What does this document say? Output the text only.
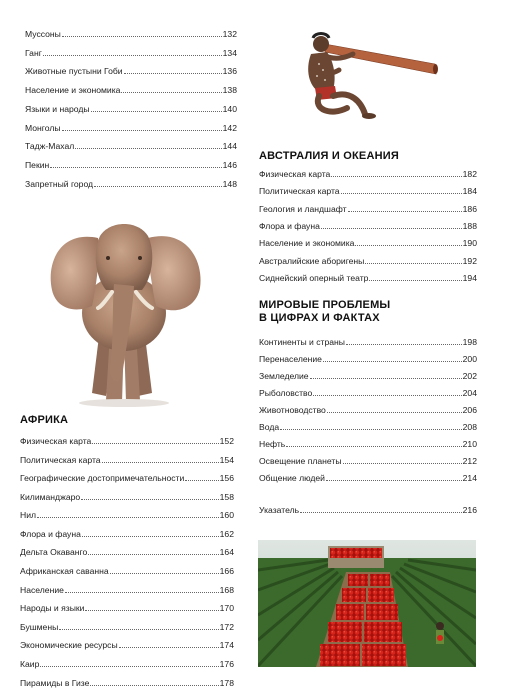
Муссоны	132
Ганг	134
Животные пустыни Гоби	136
Население и экономика	138
Языки и народы	140
Монголы	142
Тадж-Махал	144
Пекин	146
Запретный город	148
АФРИКА
Физическая карта	152
Политическая карта	154
Географические достопримечательности	156
Килиманджаро	158
Нил	160
Флора и фауна	162
Дельта Окаванго	164
Африканская саванна	166
Население	168
Народы и языки	170
Бушмены	172
Экономические ресурсы	174
Каир	176
Пирамиды в Гизе	178
АВСТРАЛИЯ И ОКЕАНИЯ
Физическая карта	182
Политическая карта	184
Геология и ландшафт	186
Флора и фауна	188
Население и экономика	190
Австралийские аборигены	192
Сиднейский оперный театр	194
МИРОВЫЕ ПРОБЛЕМЫ
В ЦИФРАХ И ФАКТАХ
Континенты и страны	198
Перенаселение	200
Земледелие	202
Рыболовство	204
Животноводство	206
Вода	208
Нефть	210
Освещение планеты	212
Общение людей	214
Указатель	216
